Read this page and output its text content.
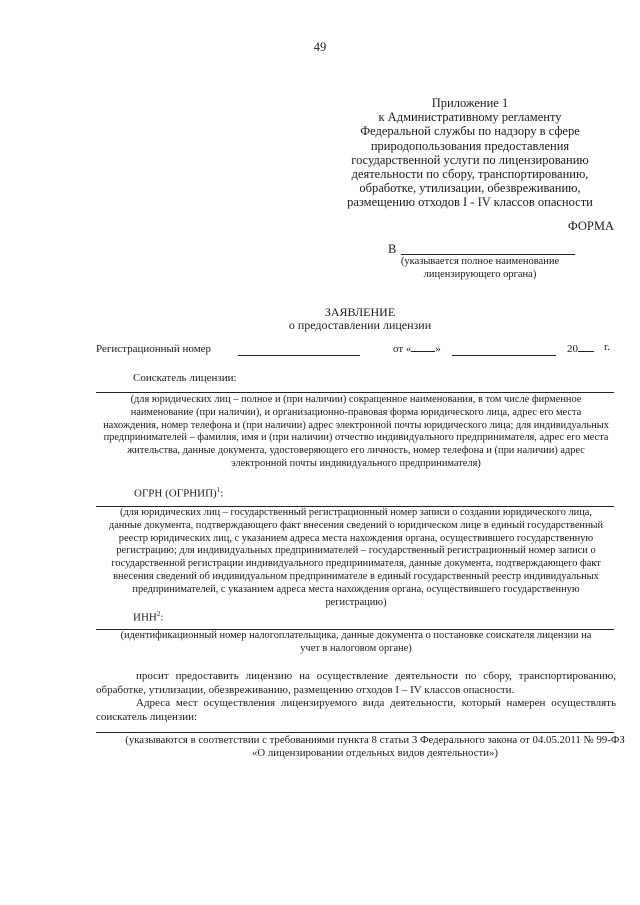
49
Приложение 1
к Административному регламенту
Федеральной службы по надзору в сфере
природопользования предоставления
государственной услуги по лицензированию
деятельности по сбору, транспортированию,
обработке, утилизации, обезвреживанию,
размещению отходов I - IV классов опасности
ФОРМА
В
(указывается полное наименование
лицензирующего органа)
ЗАЯВЛЕНИЕ
о предоставлении лицензии
Регистрационный номер	от « »	20	г.
Соискатель лицензии:
(для юридических лиц – полное и (при наличии) сокращенное наименования, в том числе фирменное наименование (при наличии), и организационно-правовая форма юридического лица, адрес его места нахождения, номер телефона и (при наличии) адрес электронной почты юридического лица; для индивидуальных предпринимателей – фамилия, имя и (при наличии) отчество индивидуального предпринимателя, адрес его места жительства, данные документа, удостоверяющего его личность, номер телефона и (при наличии) адрес электронной почты индивидуального предпринимателя)
ОГРН (ОГРНИП)$^1$:
(для юридических лиц – государственный регистрационный номер записи о создании юридического лица, данные документа, подтверждающего факт внесения сведений о юридическом лице в единый государственный реестр юридических лиц, с указанием адреса места нахождения органа, осуществившего государственную регистрацию; для индивидуальных предпринимателей – государственный регистрационный номер записи о государственной регистрации индивидуального предпринимателя, данные документа, подтверждающего факт внесения сведений об индивидуальном предпринимателе в единый государственный реестр индивидуальных предпринимателей, с указанием адреса места нахождения органа, осуществившего государственную регистрацию)
ИНН$^2$:
(идентификационный номер налогоплательщика, данные документа о постановке соискателя лицензии на учет в налоговом органе)
просит предоставить лицензию на осуществление деятельности по сбору, транспортированию, обработке, утилизации, обезвреживанию, размещению отходов I – IV классов опасности.
Адреса мест осуществления лицензируемого вида деятельности, который намерен осуществлять соискатель лицензии:
(указываются в соответствии с требованиями пункта 8 статьи 3 Федерального закона от 04.05.2011 № 99-ФЗ «О лицензировании отдельных видов деятельности»)
